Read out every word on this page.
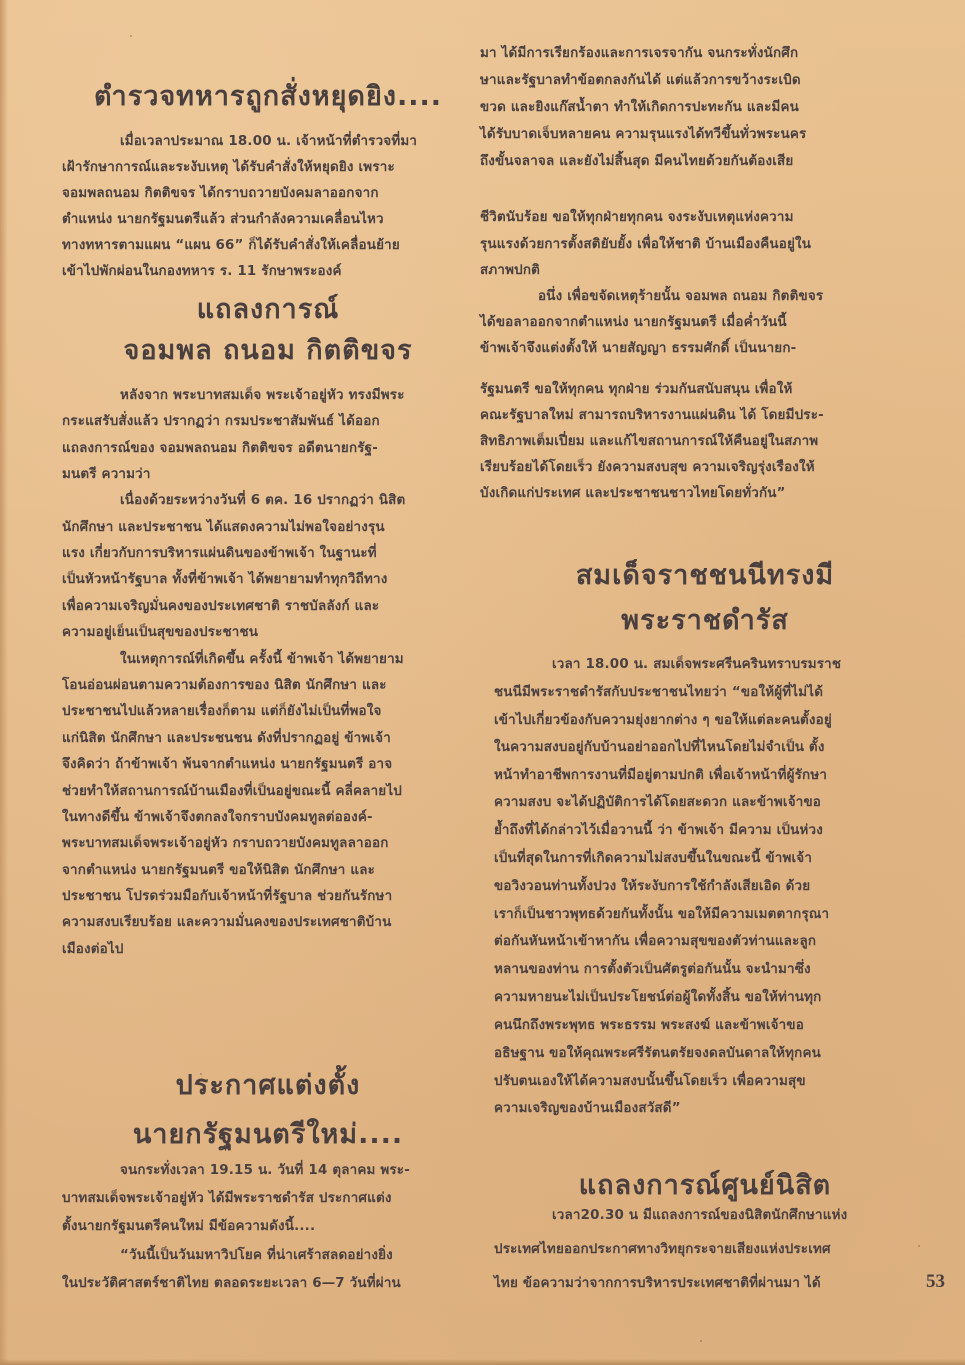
ตำรวจทหารถูกสั่งหยุดยิง....
เมื่อเวลาประมาณ 18.00 น. เจ้าหน้าที่ตำรวจที่มา
เฝ้ารักษาการณ์และระงับเหตุ ได้รับคำสั่งให้หยุดยิง เพราะ
จอมพลถนอม กิตติขจร ได้กราบถวายบังคมลาออกจาก
ตำแหน่ง นายกรัฐมนตรีแล้ว ส่วนกำลังความเคลื่อนไหว
ทางทหารตามแผน “แผน 66” ก็ได้รับคำสั่งให้เคลื่อนย้าย
เข้าไปพักผ่อนในกองทหาร ร. 11 รักษาพระองค์
แถลงการณ์
จอมพล ถนอม กิตติขจร
หลังจาก พระบาทสมเด็จ พระเจ้าอยู่หัว ทรงมีพระ
กระแสรับสั่งแล้ว ปรากฏว่า กรมประชาสัมพันธ์ ได้ออก
แถลงการณ์ของ จอมพลถนอม กิตติขจร อดีตนายกรัฐ-
มนตรี ความว่า
เนื่องด้วยระหว่างวันที่ 6 ตค. 16 ปรากฏว่า นิสิต
นักศึกษา และประชาชน ได้แสดงความไม่พอใจอย่างรุน
แรง เกี่ยวกับการบริหารแผ่นดินของข้าพเจ้า ในฐานะที่
เป็นหัวหน้ารัฐบาล ทั้งที่ข้าพเจ้า ได้พยายามทำทุกวิถีทาง
เพื่อความเจริญมั่นคงของประเทศชาติ ราชบัลลังก์ และ
ความอยู่เย็นเป็นสุขของประชาชน
ในเหตุการณ์ที่เกิดขึ้น ครั้งนี้ ข้าพเจ้า ได้พยายาม
โอนอ่อนผ่อนตามความต้องการของ นิสิต นักศึกษา และ
ประชาชนไปแล้วหลายเรื่องก็ตาม แต่ก็ยังไม่เป็นที่พอใจ
แก่นิสิต นักศึกษา และประชนชน ดังที่ปรากฏอยู่ ข้าพเจ้า
จึงคิดว่า ถ้าข้าพเจ้า พ้นจากตำแหน่ง นายกรัฐมนตรี อาจ
ช่วยทำให้สถานการณ์บ้านเมืองที่เป็นอยู่ขณะนี้ คลี่คลายไป
ในทางดีขึ้น ข้าพเจ้าจึงตกลงใจกราบบังคมทูลต่อองค์-
พระบาทสมเด็จพระเจ้าอยู่หัว กราบถวายบังคมทูลลาออก
จากตำแหน่ง นายกรัฐมนตรี ขอให้นิสิต นักศึกษา และ
ประชาชน โปรดร่วมมือกับเจ้าหน้าที่รัฐบาล ช่วยกันรักษา
ความสงบเรียบร้อย และความมั่นคงของประเทศชาติบ้าน
เมืองต่อไป
ประกาศแต่งตั้ง
นายกรัฐมนตรีใหม่....
จนกระทั่งเวลา 19.15 น. วันที่ 14 ตุลาคม พระ-
บาทสมเด็จพระเจ้าอยู่หัว ได้มีพระราชดำรัส ประกาศแต่ง
ตั้งนายกรัฐมนตรีคนใหม่ มีข้อความดังนี้....
“วันนี้เป็นวันมหาวิปโยค ที่น่าเศร้าสลดอย่างยิ่ง
ในประวัติศาสตร์ชาติไทย ตลอดระยะเวลา 6—7 วันที่ผ่าน
มา ได้มีการเรียกร้องและการเจรจากัน จนกระทั่งนักศึก
ษาและรัฐบาลทำข้อตกลงกันได้ แต่แล้วการขว้างระเบิด
ขวด และยิงแก๊สน้ำตา ทำให้เกิดการปะทะกัน และมีคน
ได้รับบาดเจ็บหลายคน ความรุนแรงได้ทวีขึ้นทั่วพระนคร
ถึงขั้นจลาจล และยังไม่สิ้นสุด มีคนไทยด้วยกันต้องเสีย
ชีวิตนับร้อย ขอให้ทุกฝ่ายทุกคน จงระงับเหตุแห่งความ
รุนแรงด้วยการตั้งสติยับยั้ง เพื่อให้ชาติ บ้านเมืองคืนอยู่ใน
สภาพปกติ
อนึ่ง เพื่อขจัดเหตุร้ายนั้น จอมพล ถนอม กิตติขจร
ได้ขอลาออกจากตำแหน่ง นายกรัฐมนตรี เมื่อค่ำวันนี้
ข้าพเจ้าจึงแต่งตั้งให้ นายสัญญา ธรรมศักดิ์ เป็นนายก-
รัฐมนตรี ขอให้ทุกคน ทุกฝ่าย ร่วมกันสนับสนุน เพื่อให้
คณะรัฐบาลใหม่ สามารถบริหารงานแผ่นดิน ได้ โดยมีประ-
สิทธิภาพเต็มเปี่ยม และแก้ไขสถานการณ์ให้คืนอยู่ในสภาพ
เรียบร้อยได้โดยเร็ว ยังความสงบสุข ความเจริญรุ่งเรืองให้
บังเกิดแก่ประเทศ และประชาชนชาวไทยโดยทั่วกัน”
สมเด็จราชชนนีทรงมี
พระราชดำรัส
เวลา 18.00 น. สมเด็จพระศรีนครินทราบรมราช
ชนนีมีพระราชดำรัสกับประชาชนไทยว่า “ขอให้ผู้ที่ไม่ได้
เข้าไปเกี่ยวข้องกับความยุ่งยากต่าง ๆ ขอให้แต่ละคนตั้งอยู่
ในความสงบอยู่กับบ้านอย่าออกไปที่ไหนโดยไม่จำเป็น ตั้ง
หน้าทำอาชีพการงานที่มีอยู่ตามปกติ เพื่อเจ้าหน้าที่ผู้รักษา
ความสงบ จะได้ปฏิบัติการได้โดยสะดวก และข้าพเจ้าขอ
ย้ำถึงที่ได้กล่าวไว้เมื่อวานนี้ ว่า ข้าพเจ้า มีความ เป็นห่วง
เป็นที่สุดในการที่เกิดความไม่สงบขึ้นในขณะนี้ ข้าพเจ้า
ขอวิงวอนท่านทั้งปวง ให้ระงับการใช้กำลังเสียเอิด ด้วย
เราก็เป็นชาวพุทธด้วยกันทั้งนั้น ขอให้มีความเมตตากรุณา
ต่อกันหันหน้าเข้าหากัน เพื่อความสุขของตัวท่านและลูก
หลานของท่าน การตั้งตัวเป็นศัตรูต่อกันนั้น จะนำมาซึ่ง
ความหายนะไม่เป็นประโยชน์ต่อผู้ใดทั้งสิ้น ขอให้ท่านทุก
คนนึกถึงพระพุทธ พระธรรม พระสงฆ์ และข้าพเจ้าขอ
อธิษฐาน ขอให้คุณพระศรีรัตนตรัยจงดลบันดาลให้ทุกคน
ปรับตนเองให้ได้ความสงบนั้นขึ้นโดยเร็ว เพื่อความสุข
ความเจริญของบ้านเมืองสวัสดี”
แถลงการณ์ศูนย์นิสิต
เวลา20.30 น มีแถลงการณ์ของนิสิตนักศึกษาแห่ง
ประเทศไทยออกประกาศทางวิทยุกระจายเสียงแห่งประเทศ
ไทย ข้อความว่าจากการบริหารประเทศชาติที่ผ่านมา ได้	53
